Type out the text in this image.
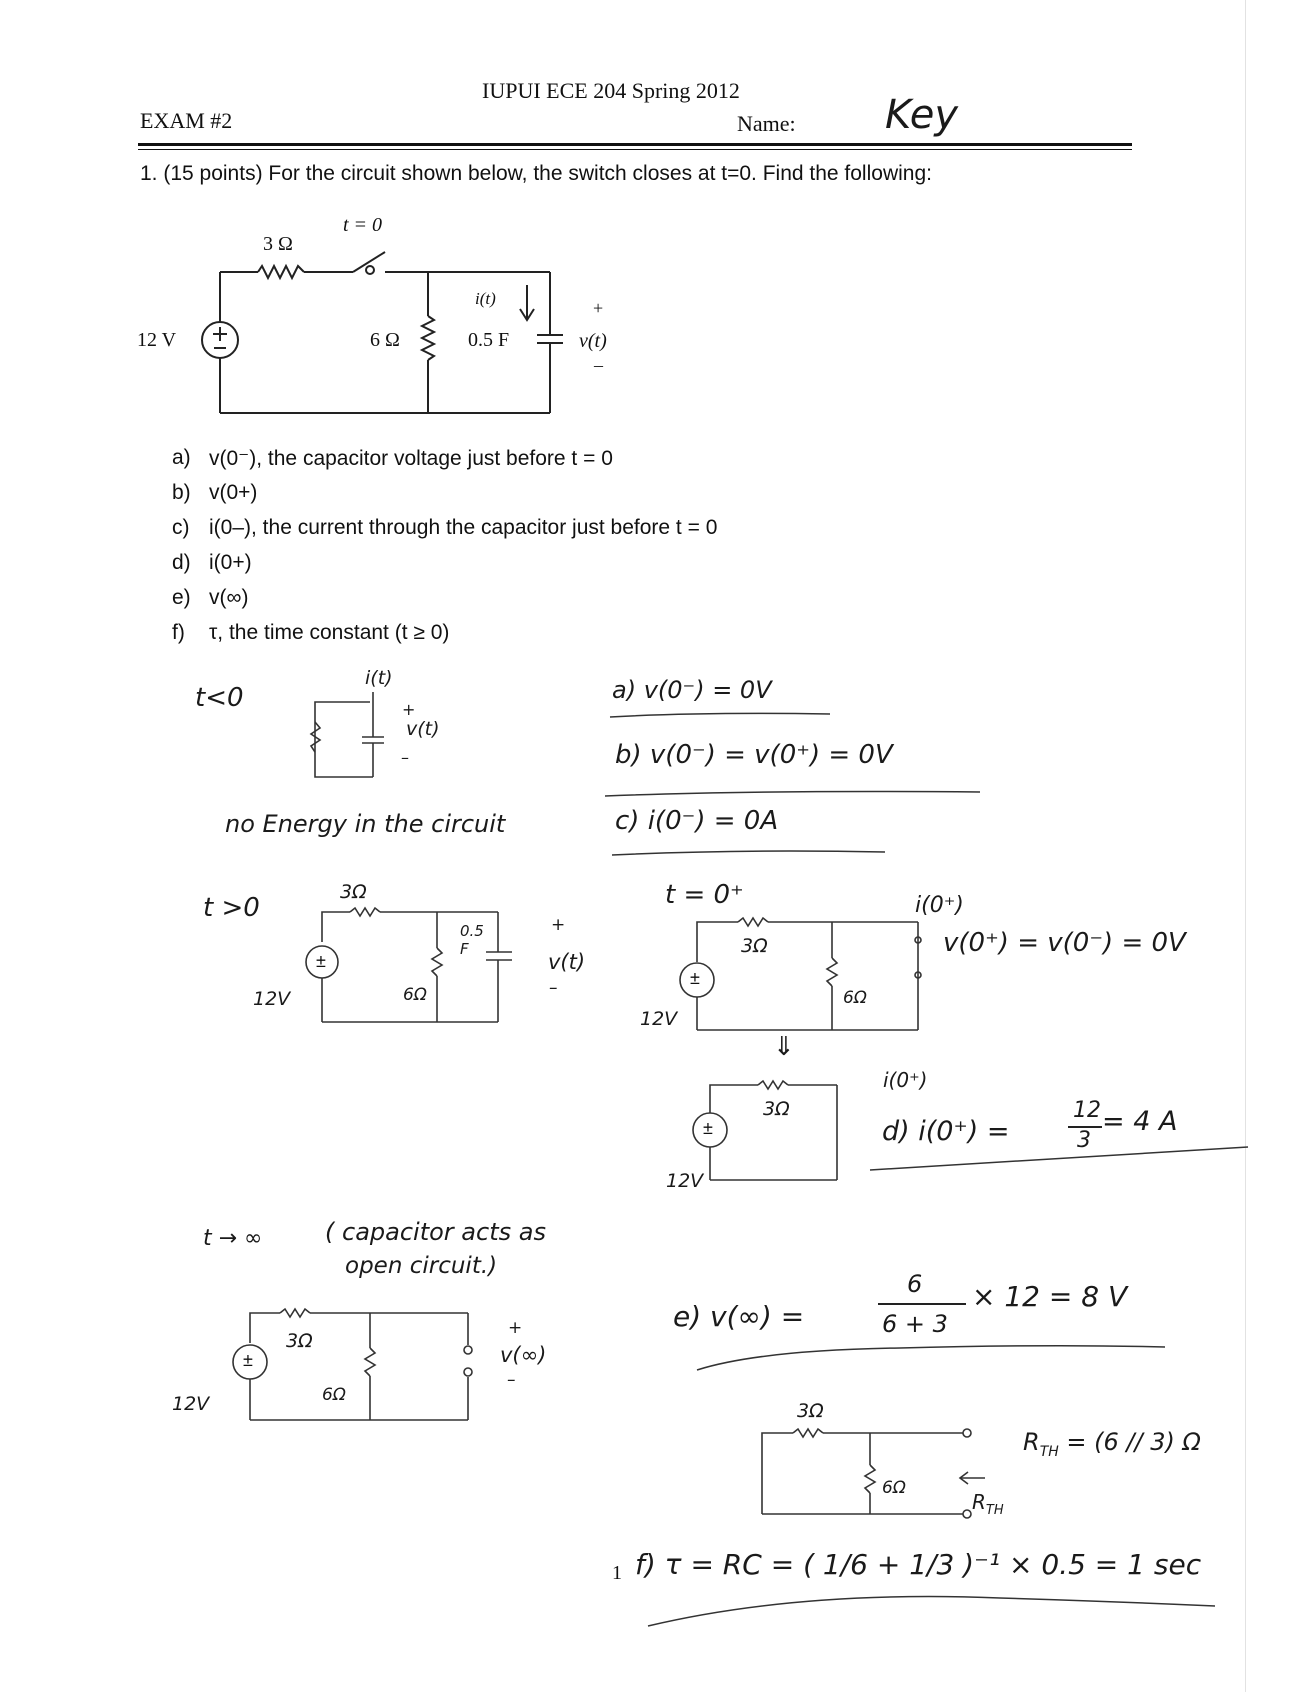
IUPUI ECE 204 Spring 2012
EXAM #2	Name: Key
1. (15 points) For the circuit shown below, the switch closes at t=0. Find the following:
3 Ω
t = 0
12 V	6 Ω
i(t)
0.5 F
+
v(t)
–
a) v(0⁻), the capacitor voltage just before t = 0
b) v(0+)
c) i(0–), the current through the capacitor just before t = 0
d) i(0+)
e) v(∞)
f) τ, the time constant (t ≥ 0)
t<0
i(t)
+
v(t)
–
no Energy in the circuit
a) v(0⁻) = 0V
b) v(0⁻) = v(0⁺) = 0V
c) i(0⁻) = 0A
t >0
3Ω
0.5 F
+
v(t)
–
12V	6Ω
±
t = 0⁺
3Ω
6Ω
12V
±
i(0⁺)
v(0⁺) = v(0⁻) = 0V
⇓
i(0⁺)
3Ω
12V
±	d) i(0⁺) =
12
3
= 4 A
t → ∞	( capacitor acts as
open circuit.)
3Ω
6Ω
12V
±
+
v(∞)
–
e) v(∞) =
6
6 + 3
× 12 = 8 V
3Ω
6Ω
$R_{TH}$
$R_{TH} = (6 // 3)$ Ω
f) τ = RC = ( 1/6 + 1/3 )⁻¹ × 0.5 = 1 sec
1
